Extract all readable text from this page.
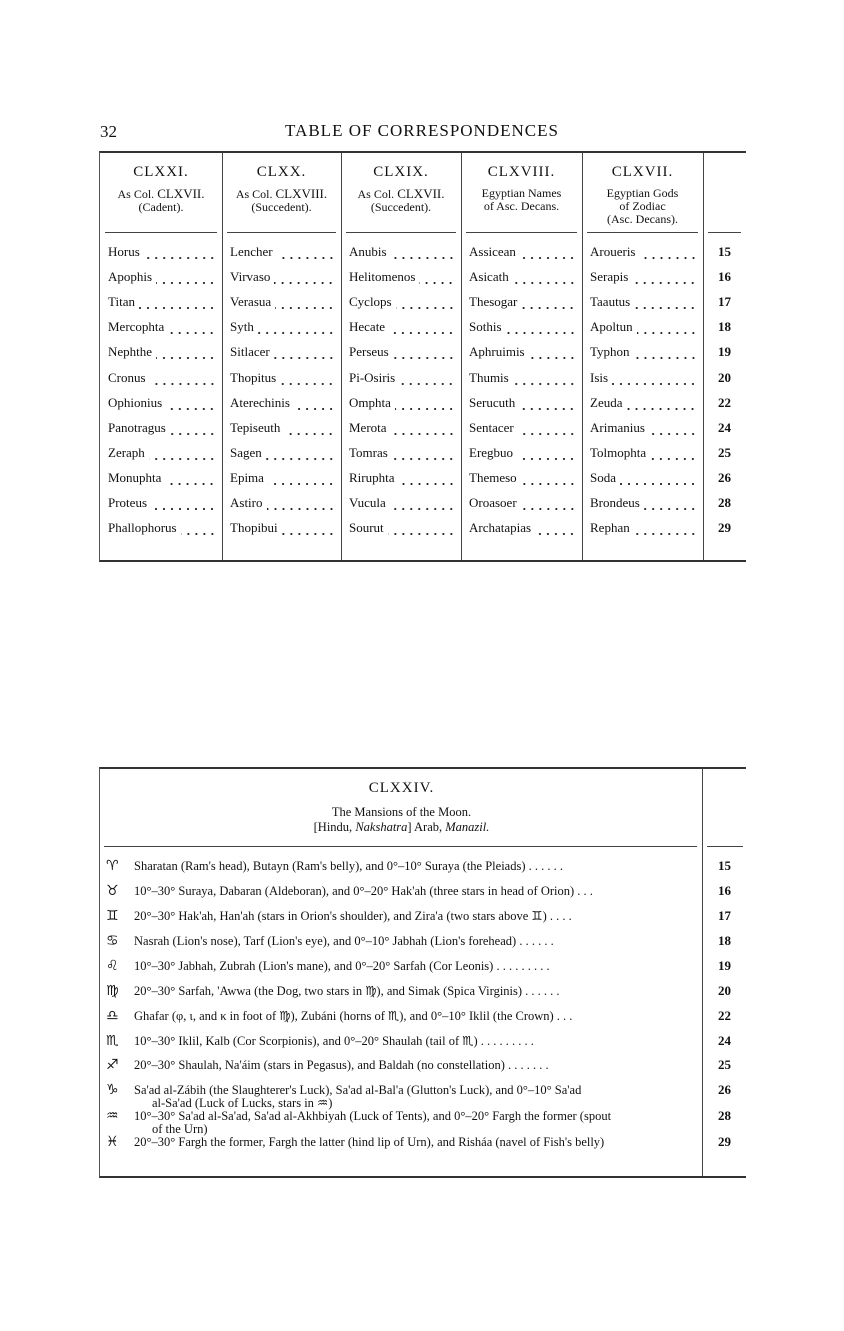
32	TABLE OF CORRESPONDENCES
CLXXI.
As Col. CLXVII.
(Cadent).
CLXX.
As Col. CLXVIII.
(Succedent).
CLXIX.
As Col. CLXVII.
(Succedent).
CLXVIII.
Egyptian Names
of Asc. Decans.
CLXVII.
Egyptian Gods
of Zodiac
(Asc. Decans).
Horus	Lencher	Anubis	Assicean	Aroueris	15
Apophis	Virvaso	Helitomenos	Asicath	Serapis	16
Titan	Verasua	Cyclops	Thesogar	Taautus	17
Mercophta	Syth	Hecate	Sothis	Apoltun	18
Nephthe	Sitlacer	Perseus	Aphruimis	Typhon	19
Cronus	Thopitus	Pi-Osiris	Thumis	Isis	20
Ophionius	Aterechinis	Omphta	Serucuth	Zeuda	22
Panotragus	Tepiseuth	Merota	Sentacer	Arimanius	24
Zeraph	Sagen	Tomras	Eregbuo	Tolmophta	25
Monuphta	Epima	Riruphta	Themeso	Soda	26
Proteus	Astiro	Vucula	Oroasoer	Brondeus	28
Phallophorus	Thopibui	Sourut	Archatapias	Rephan	29
CLXXIV.
The Mansions of the Moon.
[Hindu, Nakshatra] Arab, Manazil.
♈︎	Sharatan (Ram's head), Butayn (Ram's belly), and 0°–10° Suraya (the Pleiads) . . . . . .	15
♉︎	10°–30° Suraya, Dabaran (Aldeboran), and 0°–20° Hak'ah (three stars in head of Orion) . . .	16
♊︎	20°–30° Hak'ah, Han'ah (stars in Orion's shoulder), and Zira'a (two stars above ♊︎) . . . .	17
♋︎	Nasrah (Lion's nose), Tarf (Lion's eye), and 0°–10° Jabhah (Lion's forehead) . . . . . .	18
♌︎	10°–30° Jabhah, Zubrah (Lion's mane), and 0°–20° Sarfah (Cor Leonis) . . . . . . . . .	19
♍︎	20°–30° Sarfah, 'Awwa (the Dog, two stars in ♍︎), and Simak (Spica Virginis) . . . . . .	20
♎︎	Ghafar (φ, ι, and κ in foot of ♍︎), Zubáni (horns of ♏︎), and 0°–10° Iklil (the Crown) . . .	22
♏︎	10°–30° Iklil, Kalb (Cor Scorpionis), and 0°–20° Shaulah (tail of ♏︎) . . . . . . . . .	24
♐︎	20°–30° Shaulah, Na'áim (stars in Pegasus), and Baldah (no constellation) . . . . . . .	25
♑︎	Sa'ad al-Zábih (the Slaughterer's Luck), Sa'ad al-Bal'a (Glutton's Luck), and 0°–10° Sa'ad
al-Sa'ad (Luck of Lucks, stars in ♒︎)
26
♒︎	10°–30° Sa'ad al-Sa'ad, Sa'ad al-Akhbiyah (Luck of Tents), and 0°–20° Fargh the former (spout
of the Urn)
28
♓︎	20°–30° Fargh the former, Fargh the latter (hind lip of Urn), and Risháa (navel of Fish's belly)	29
